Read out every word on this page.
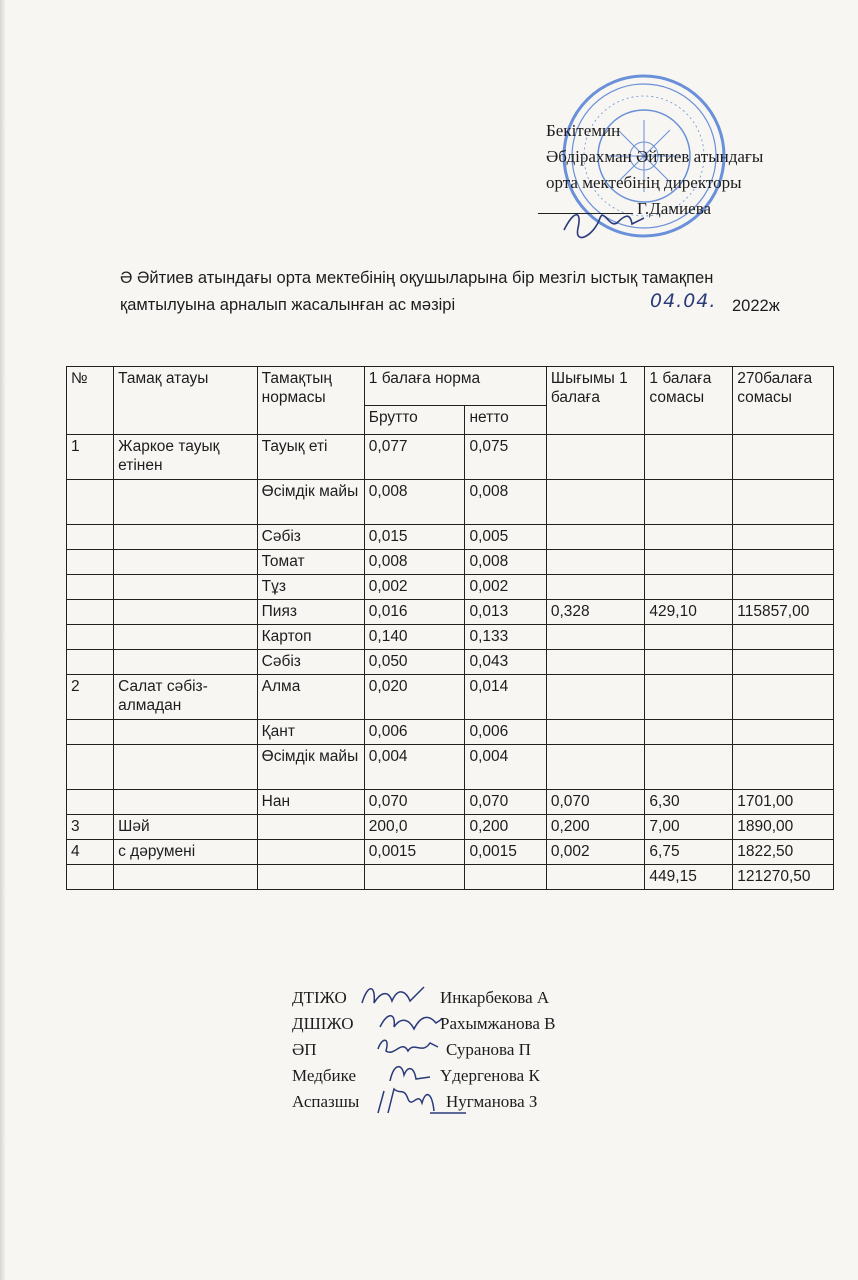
Бекітемин
Әбдірахман Әйтиев атындағы
орта мектебінің директоры
Г.Дамиева
Ә Әйтиев атындағы орта мектебінің оқушыларына бір мезгіл ыстық тамақпен
қамтылуына арналып жасалынған ас мәзірі	04.04. 2022ж
№	Тамақ атауы	Тамақтың нормасы	1 балаға норма		Шығымы 1 балаға	1 балаға сомасы	270балаға сомасы
			Брутто	нетто			
1	Жаркое тауық етінен	Тауық еті	0,077	0,075			
		Өсімдік майы	0,008	0,008			
		Сәбіз	0,015	0,005			
		Томат	0,008	0,008			
		Тұз	0,002	0,002			
		Пияз	0,016	0,013	0,328	429,10	115857,00
		Картоп	0,140	0,133			
		Сәбіз	0,050	0,043			
2	Салат сәбіз-алмадан	Алма	0,020	0,014			
		Қант	0,006	0,006			
		Өсімдік майы	0,004	0,004			
		Нан	0,070	0,070	0,070	6,30	1701,00
3	Шәй		200,0	0,200	0,200	7,00	1890,00
4	с дәрумені		0,0015	0,0015	0,002	6,75	1822,50
						449,15	121270,50
ДТІЖО	Инкарбекова А
ДШІЖО	Рахымжанова В
ӘП	Суранова П
Медбике	Үдергенова К
Аспазшы	Нугманова З
